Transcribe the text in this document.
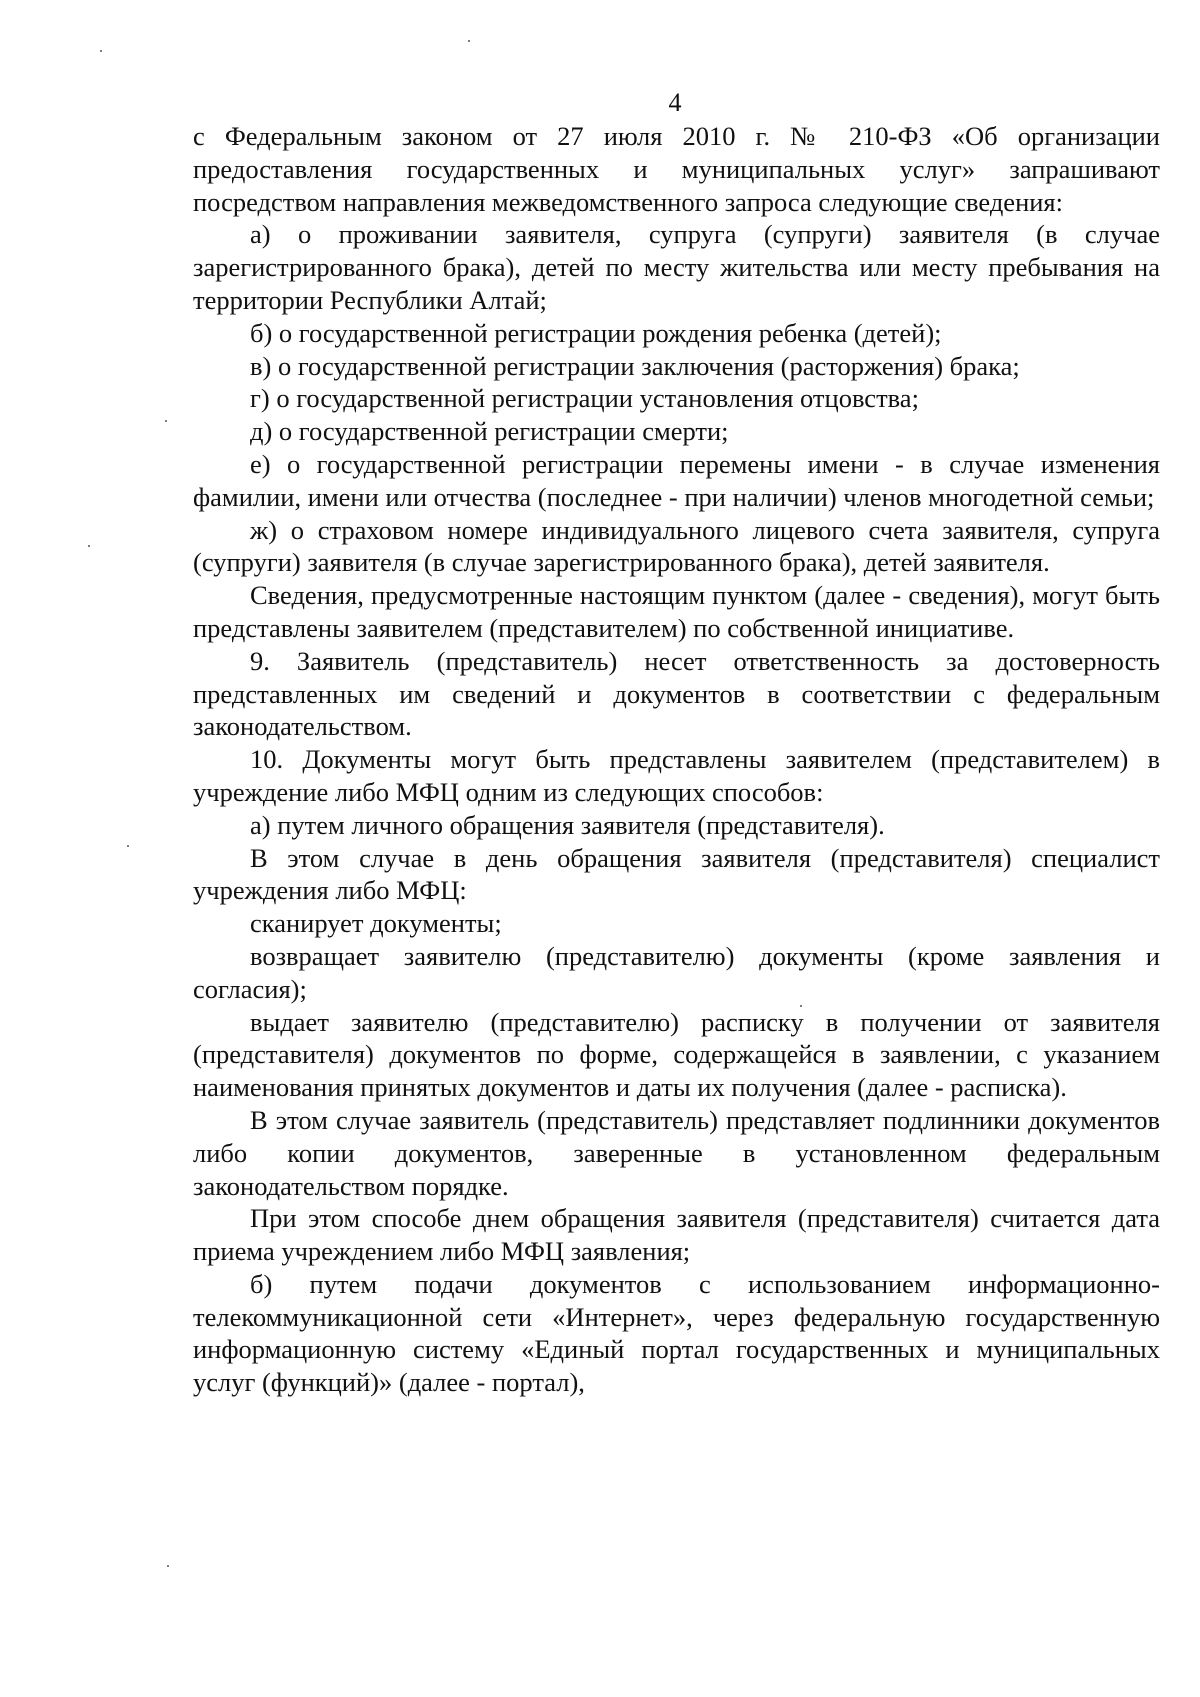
4

с Федеральным законом от 27 июля 2010 г. № 210-ФЗ «Об организации предоставления государственных и муниципальных услуг» запрашивают посредством направления межведомственного запроса следующие сведения:

а) о проживании заявителя, супруга (супруги) заявителя (в случае зарегистрированного брака), детей по месту жительства или месту пребывания на территории Республики Алтай;

б) о государственной регистрации рождения ребенка (детей);

в) о государственной регистрации заключения (расторжения) брака;

г) о государственной регистрации установления отцовства;

д) о государственной регистрации смерти;

е) о государственной регистрации перемены имени - в случае изменения фамилии, имени или отчества (последнее - при наличии) членов многодетной семьи;

ж) о страховом номере индивидуального лицевого счета заявителя, супруга (супруги) заявителя (в случае зарегистрированного брака), детей заявителя.

Сведения, предусмотренные настоящим пунктом (далее - сведения), могут быть представлены заявителем (представителем) по собственной инициативе.

9. Заявитель (представитель) несет ответственность за достоверность представленных им сведений и документов в соответствии с федеральным законодательством.

10. Документы могут быть представлены заявителем (представителем) в учреждение либо МФЦ одним из следующих способов:

а) путем личного обращения заявителя (представителя).

В этом случае в день обращения заявителя (представителя) специалист учреждения либо МФЦ:

сканирует документы;

возвращает заявителю (представителю) документы (кроме заявления и согласия);

выдает заявителю (представителю) расписку в получении от заявителя (представителя) документов по форме, содержащейся в заявлении, с указанием наименования принятых документов и даты их получения (далее - расписка).

В этом случае заявитель (представитель) представляет подлинники документов либо копии документов, заверенные в установленном федеральным законодательством порядке.

При этом способе днем обращения заявителя (представителя) считается дата приема учреждением либо МФЦ заявления;

б) путем подачи документов с использованием информационно-телекоммуникационной сети «Интернет», через федеральную государственную информационную систему «Единый портал государственных и муниципальных услуг (функций)» (далее - портал),
